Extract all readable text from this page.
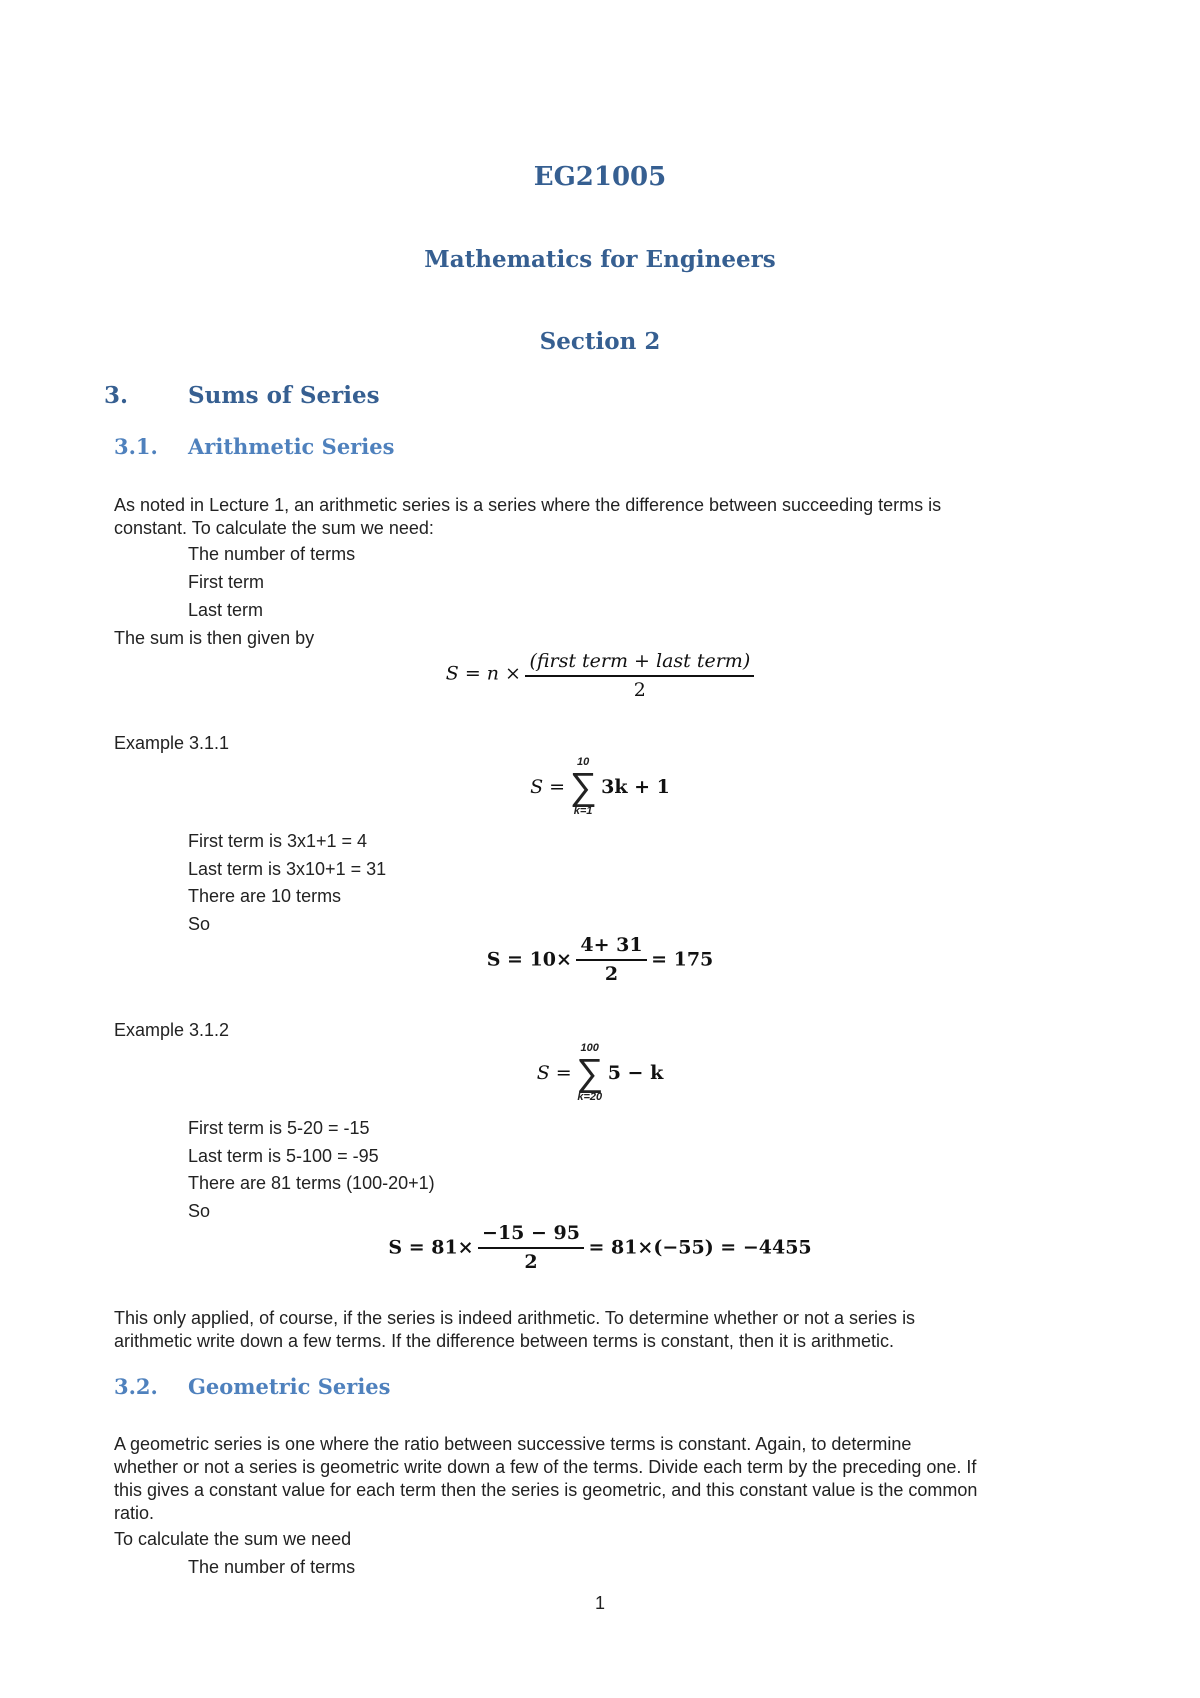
EG21005
Mathematics for Engineers
Section 2
3.	Sums of Series
3.1. Arithmetic Series
As noted in Lecture 1, an arithmetic series is a series where the difference between succeeding terms is
constant. To calculate the sum we need:
The number of terms
First term
Last term
The sum is then given by
$S = n \times \frac{\text{(first term + last term)}}{2}$
Example 3.1.1
S =
10
∑
k=1
3k + 1
First term is 3x1+1 = 4
Last term is 3x10+1 = 31
There are 10 terms
So
$S = 10\times \frac{4+ 31}{2} = 175$
Example 3.1.2
S =
100
∑
k=20
5 − k
First term is 5-20 = -15
Last term is 5-100 = -95
There are 81 terms (100-20+1)
So
$S = 81\times \frac{-15 - 95}{2} = 81\times(-55) = -4455$
This only applied, of course, if the series is indeed arithmetic. To determine whether or not a series is
arithmetic write down a few terms. If the difference between terms is constant, then it is arithmetic.
3.2. Geometric Series
A geometric series is one where the ratio between successive terms is constant. Again, to determine
whether or not a series is geometric write down a few of the terms. Divide each term by the preceding one. If
this gives a constant value for each term then the series is geometric, and this constant value is the common
ratio.
To calculate the sum we need
The number of terms
1
